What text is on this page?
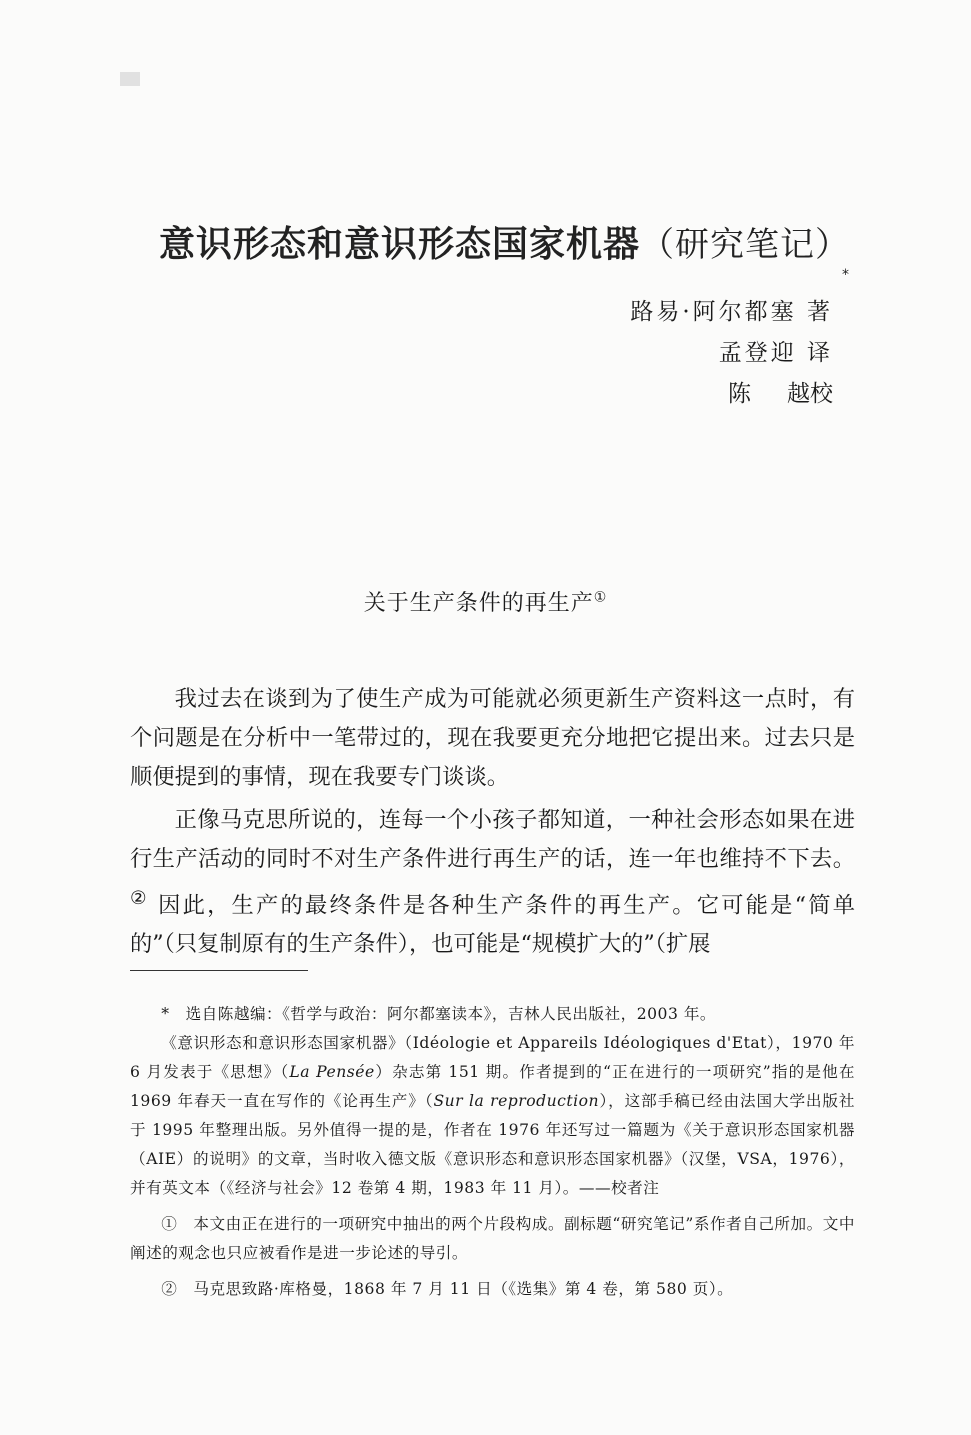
意识形态和意识形态国家机器（研究笔记）*
路易·阿尔都塞 著
孟登迎 译
陈 越校
关于生产条件的再生产①

我过去在谈到为了使生产成为可能就必须更新生产资料这一点时，有个问题是在分析中一笔带过的，现在我要更充分地把它提出来。过去只是顺便提到的事情，现在我要专门谈谈。

正像马克思所说的，连每一个小孩子都知道，一种社会形态如果在进行生产活动的同时不对生产条件进行再生产的话，连一年也维持不下去。② 因此，生产的最终条件是各种生产条件的再生产。它可能是“简单的”（只复制原有的生产条件），也可能是“规模扩大的”（扩展

*　选自陈越编：《哲学与政治：阿尔都塞读本》，吉林人民出版社，2003 年。

《意识形态和意识形态国家机器》（Idéologie et Appareils Idéologiques d'Etat），1970 年 6 月发表于《思想》（La Pensée）杂志第 151 期。作者提到的“正在进行的一项研究”指的是他在 1969 年春天一直在写作的《论再生产》（Sur la reproduction），这部手稿已经由法国大学出版社于 1995 年整理出版。另外值得一提的是，作者在 1976 年还写过一篇题为《关于意识形态国家机器（AIE）的说明》的文章，当时收入德文版《意识形态和意识形态国家机器》（汉堡，VSA，1976），并有英文本（《经济与社会》12 卷第 4 期，1983 年 11 月）。——校者注

①　本文由正在进行的一项研究中抽出的两个片段构成。副标题“研究笔记”系作者自己所加。文中阐述的观念也只应被看作是进一步论述的导引。

②　马克思致路·库格曼，1868 年 7 月 11 日（《选集》第 4 卷，第 580 页）。
